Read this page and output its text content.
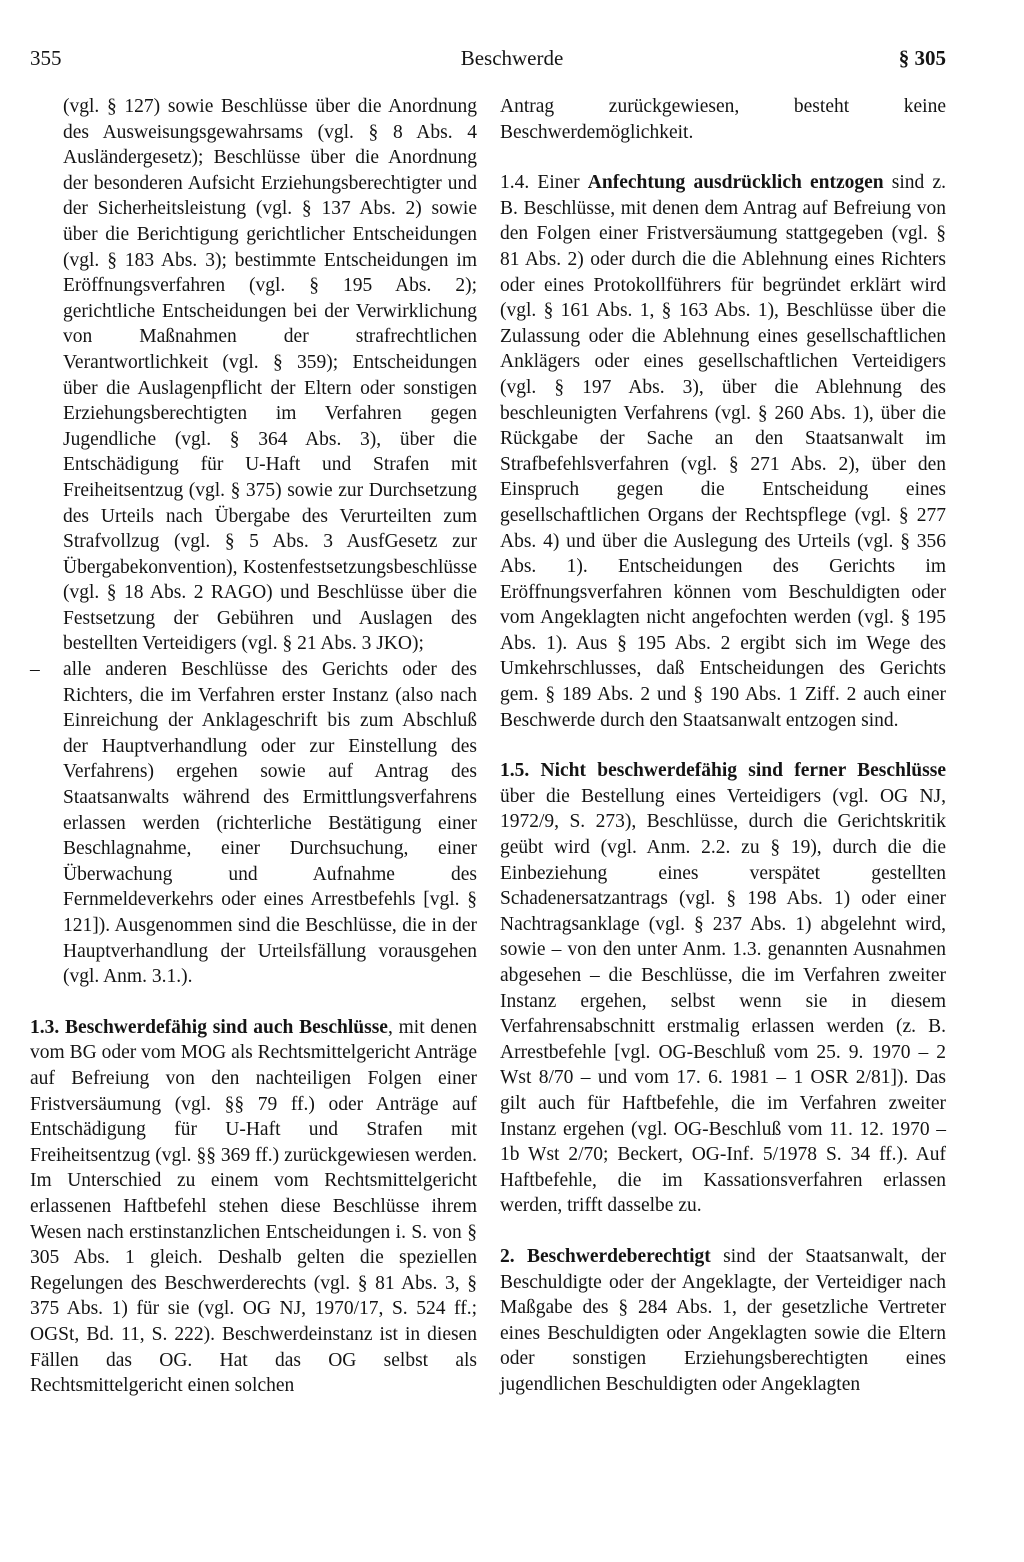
355	Beschwerde	§ 305

(vgl. § 127) sowie Beschlüsse über die Anordnung des Ausweisungsgewahrsams (vgl. § 8 Abs. 4 Ausländergesetz); Beschlüsse über die Anordnung der besonderen Aufsicht Erziehungsberechtigter und der Sicherheitsleistung (vgl. § 137 Abs. 2) sowie über die Berichtigung gerichtlicher Entscheidungen (vgl. § 183 Abs. 3); bestimmte Entscheidungen im Eröffnungsverfahren (vgl. § 195 Abs. 2); gerichtliche Entscheidungen bei der Verwirklichung von Maßnahmen der strafrechtlichen Verantwortlichkeit (vgl. § 359); Entscheidungen über die Auslagenpflicht der Eltern oder sonstigen Erziehungsberechtigten im Verfahren gegen Jugendliche (vgl. § 364 Abs. 3), über die Entschädigung für U-Haft und Strafen mit Freiheitsentzug (vgl. § 375) sowie zur Durchsetzung des Urteils nach Übergabe des Verurteilten zum Strafvollzug (vgl. § 5 Abs. 3 AusfGesetz zur Übergabekonvention), Kostenfestsetzungsbeschlüsse (vgl. § 18 Abs. 2 RAGO) und Beschlüsse über die Festsetzung der Gebühren und Auslagen des bestellten Verteidigers (vgl. § 21 Abs. 3 JKO);

– alle anderen Beschlüsse des Gerichts oder des Richters, die im Verfahren erster Instanz (also nach Einreichung der Anklageschrift bis zum Abschluß der Hauptverhandlung oder zur Einstellung des Verfahrens) ergehen sowie auf Antrag des Staatsanwalts während des Ermittlungsverfahrens erlassen werden (richterliche Bestätigung einer Beschlagnahme, einer Durchsuchung, einer Überwachung und Aufnahme des Fernmeldeverkehrs oder eines Arrestbefehls [vgl. § 121]). Ausgenommen sind die Beschlüsse, die in der Hauptverhandlung der Urteilsfällung vorausgehen (vgl. Anm. 3.1.).

1.3. Beschwerdefähig sind auch Beschlüsse, mit denen vom BG oder vom MOG als Rechtsmittelgericht Anträge auf Befreiung von den nachteiligen Folgen einer Fristversäumung (vgl. §§ 79 ff.) oder Anträge auf Entschädigung für U-Haft und Strafen mit Freiheitsentzug (vgl. §§ 369 ff.) zurückgewiesen werden. Im Unterschied zu einem vom Rechtsmittelgericht erlassenen Haftbefehl stehen diese Beschlüsse ihrem Wesen nach erstinstanzlichen Entscheidungen i. S. von § 305 Abs. 1 gleich. Deshalb gelten die speziellen Regelungen des Beschwerderechts (vgl. § 81 Abs. 3, § 375 Abs. 1) für sie (vgl. OG NJ, 1970/17, S. 524 ff.; OGSt, Bd. 11, S. 222). Beschwerdeinstanz ist in diesen Fällen das OG. Hat das OG selbst als Rechtsmittelgericht einen solchen

Antrag zurückgewiesen, besteht keine Beschwerdemöglichkeit.

1.4. Einer Anfechtung ausdrücklich entzogen sind z. B. Beschlüsse, mit denen dem Antrag auf Befreiung von den Folgen einer Fristversäumung stattgegeben (vgl. § 81 Abs. 2) oder durch die die Ablehnung eines Richters oder eines Protokollführers für begründet erklärt wird (vgl. § 161 Abs. 1, § 163 Abs. 1), Beschlüsse über die Zulassung oder die Ablehnung eines gesellschaftlichen Anklägers oder eines gesellschaftlichen Verteidigers (vgl. § 197 Abs. 3), über die Ablehnung des beschleunigten Verfahrens (vgl. § 260 Abs. 1), über die Rückgabe der Sache an den Staatsanwalt im Strafbefehlsverfahren (vgl. § 271 Abs. 2), über den Einspruch gegen die Entscheidung eines gesellschaftlichen Organs der Rechtspflege (vgl. § 277 Abs. 4) und über die Auslegung des Urteils (vgl. § 356 Abs. 1). Entscheidungen des Gerichts im Eröffnungsverfahren können vom Beschuldigten oder vom Angeklagten nicht angefochten werden (vgl. § 195 Abs. 1). Aus § 195 Abs. 2 ergibt sich im Wege des Umkehrschlusses, daß Entscheidungen des Gerichts gem. § 189 Abs. 2 und § 190 Abs. 1 Ziff. 2 auch einer Beschwerde durch den Staatsanwalt entzogen sind.

1.5. Nicht beschwerdefähig sind ferner Beschlüsse über die Bestellung eines Verteidigers (vgl. OG NJ, 1972/9, S. 273), Beschlüsse, durch die Gerichtskritik geübt wird (vgl. Anm. 2.2. zu § 19), durch die die Einbeziehung eines verspätet gestellten Schadenersatzantrags (vgl. § 198 Abs. 1) oder einer Nachtragsanklage (vgl. § 237 Abs. 1) abgelehnt wird, sowie – von den unter Anm. 1.3. genannten Ausnahmen abgesehen – die Beschlüsse, die im Verfahren zweiter Instanz ergehen, selbst wenn sie in diesem Verfahrensabschnitt erstmalig erlassen werden (z. B. Arrestbefehle [vgl. OG-Beschluß vom 25. 9. 1970 – 2 Wst 8/70 – und vom 17. 6. 1981 – 1 OSR 2/81]). Das gilt auch für Haftbefehle, die im Verfahren zweiter Instanz ergehen (vgl. OG-Beschluß vom 11. 12. 1970 – 1b Wst 2/70; Beckert, OG-Inf. 5/1978 S. 34 ff.). Auf Haftbefehle, die im Kassationsverfahren erlassen werden, trifft dasselbe zu.

2. Beschwerdeberechtigt sind der Staatsanwalt, der Beschuldigte oder der Angeklagte, der Verteidiger nach Maßgabe des § 284 Abs. 1, der gesetzliche Vertreter eines Beschuldigten oder Angeklagten sowie die Eltern oder sonstigen Erziehungsberechtigten eines jugendlichen Beschuldigten oder Angeklagten
